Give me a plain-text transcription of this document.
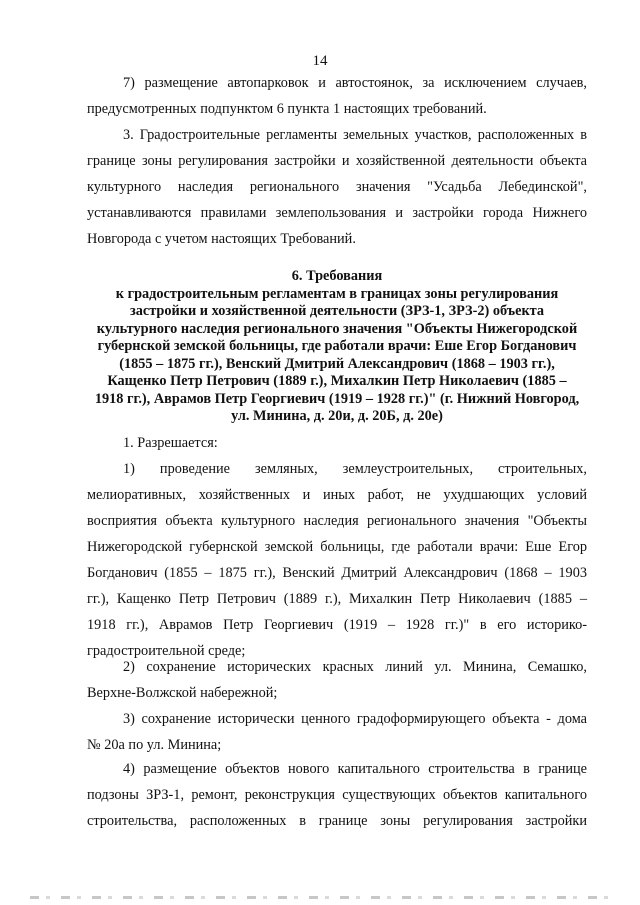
14

7) размещение автопарковок и автостоянок, за исключением случаев,
предусмотренных подпунктом 6 пункта 1 настоящих требований.

3. Градостроительные регламенты земельных участков, расположенных в
границе зоны регулирования застройки и хозяйственной деятельности объекта
культурного наследия регионального значения "Усадьба Лебединской",
устанавливаются правилами землепользования и застройки города Нижнего
Новгорода с учетом настоящих Требований.

6. Требования
к градостроительным регламентам в границах зоны регулирования
застройки и хозяйственной деятельности (ЗРЗ-1, ЗРЗ-2) объекта
культурного наследия регионального значения "Объекты Нижегородской
губернской земской больницы, где работали врачи: Еше Егор Богданович
(1855 – 1875 гг.), Венский Дмитрий Александрович (1868 – 1903 гг.),
Кащенко Петр Петрович (1889 г.), Михалкин Петр Николаевич (1885 –
1918 гг.), Аврамов Петр Георгиевич (1919 – 1928 гг.)" (г. Нижний Новгород,
ул. Минина, д. 20и, д. 20Б, д. 20е)

1. Разрешается:

1) проведение земляных, землеустроительных, строительных,
мелиоративных, хозяйственных и иных работ, не ухудшающих условий
восприятия объекта культурного наследия регионального значения "Объекты
Нижегородской губернской земской больницы, где работали врачи: Еше Егор
Богданович (1855 – 1875 гг.), Венский Дмитрий Александрович (1868 – 1903
гг.), Кащенко Петр Петрович (1889 г.), Михалкин Петр Николаевич (1885 –
1918 гг.), Аврамов Петр Георгиевич (1919 – 1928 гг.)" в его историко-
градостроительной среде;

2) сохранение исторических красных линий ул. Минина, Семашко,
Верхне-Волжской набережной;

3) сохранение исторически ценного градоформирующего объекта - дома
№ 20а по ул. Минина;

4) размещение объектов нового капитального строительства в границе
подзоны ЗРЗ-1, ремонт, реконструкция существующих объектов капитального
строительства, расположенных в границе зоны регулирования застройки
